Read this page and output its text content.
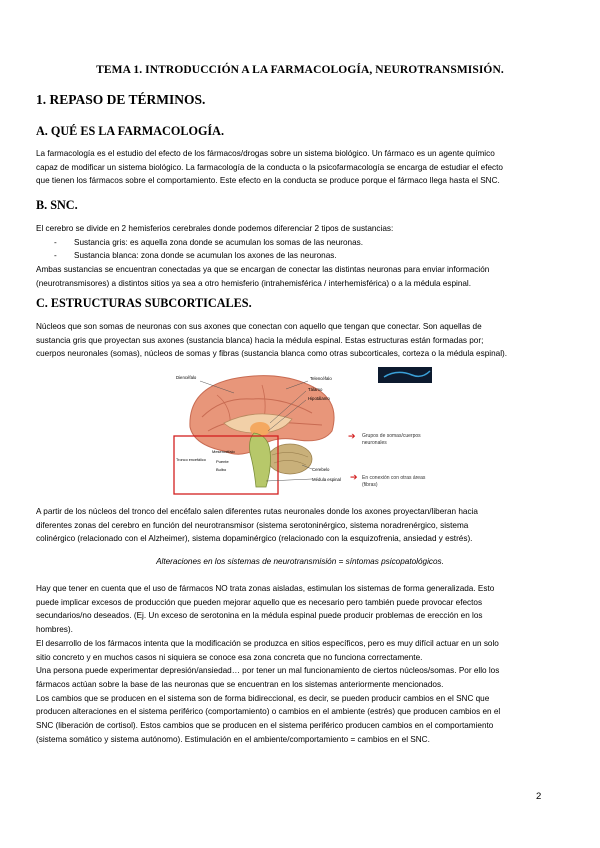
TEMA 1. INTRODUCCIÓN A LA FARMACOLOGÍA, NEUROTRANSMISIÓN.
1. REPASO DE TÉRMINOS.
A. QUÉ ES LA FARMACOLOGÍA.

La farmacología es el estudio del efecto de los fármacos/drogas sobre un sistema biológico. Un fármaco es un agente químico

capaz de modificar un sistema biológico. La farmacología de la conducta o la psicofarmacología se encarga de estudiar el efecto

que tienen los fármacos sobre el comportamiento. Este efecto en la conducta se produce porque el fármaco llega hasta el SNC.

B. SNC.

El cerebro se divide en 2 hemisferios cerebrales donde podemos diferenciar 2 tipos de sustancias:

- Sustancia gris: es aquella zona donde se acumulan los somas de las neuronas.
- Sustancia blanca: zona donde se acumulan los axones de las neuronas.

Ambas sustancias se encuentran conectadas ya que se encargan de conectar las distintas neuronas para enviar información

(neurotransmisores) a distintos sitios ya sea a otro hemisferio (intrahemisférica / interhemisférica) o a la médula espinal.

C. ESTRUCTURAS SUBCORTICALES.

Núcleos que son somas de neuronas con sus axones que conectan con aquello que tengan que conectar. Son aquellas de

sustancia gris que proyectan sus axones (sustancia blanca) hacia la médula espinal. Estas estructuras están formadas por;

cuerpos neuronales (somas), núcleos de somas y fibras (sustancia blanca como otras subcorticales, corteza o la médula espinal).

Diencéfalo	Telencéfalo
Tálamo
Hipotálamo
Tronco encefálico
Mesencéfalo
Puente
Bulbo	Cerebelo
Médula espinal
➔
➔
Grupos de somas/cuerpos neuronales
En conexión con otras áreas (fibras)

A partir de los núcleos del tronco del encéfalo salen diferentes rutas neuronales donde los axones proyectan/liberan hacia

diferentes zonas del cerebro en función del neurotransmisor (sistema serotoninérgico, sistema noradrenérgico, sistema

colinérgico (relacionado con el Alzheimer), sistema dopaminérgico (relacionado con la esquizofrenia, ansiedad y estrés).

Alteraciones en los sistemas de neurotransmisión = síntomas psicopatológicos.

Hay que tener en cuenta que el uso de fármacos NO trata zonas aisladas, estimulan los sistemas de forma generalizada. Esto

puede implicar excesos de producción que pueden mejorar aquello que es necesario pero también puede provocar efectos

secundarios/no deseados. (Ej. Un exceso de serotonina en la médula espinal puede producir problemas de erección en los

hombres).

El desarrollo de los fármacos intenta que la modificación se produzca en sitios específicos, pero es muy difícil actuar en un solo

sitio concreto y en muchos casos ni siquiera se conoce esa zona concreta que no funciona correctamente.

Una persona puede experimentar depresión/ansiedad… por tener un mal funcionamiento de ciertos núcleos/somas. Por ello los

fármacos actúan sobre la base de las neuronas que se encuentran en los sistemas anteriormente mencionados.

Los cambios que se producen en el sistema son de forma bidireccional, es decir, se pueden producir cambios en el SNC que

producen alteraciones en el sistema periférico (comportamiento) o cambios en el ambiente (estrés) que producen cambios en el

SNC (liberación de cortisol). Estos cambios que se producen en el sistema periférico producen cambios en el comportamiento

(sistema somático y sistema autónomo). Estimulación en el ambiente/comportamiento = cambios en el SNC.

2
